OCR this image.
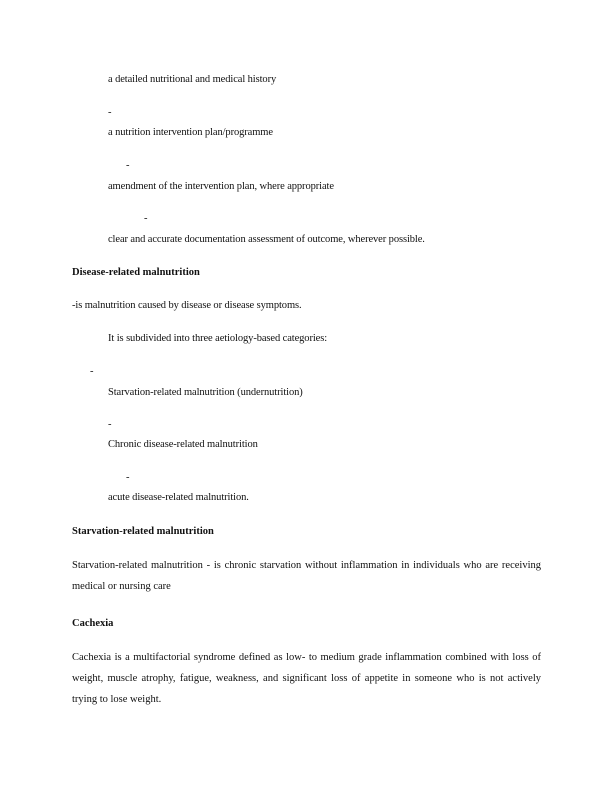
a detailed nutritional and medical history
-
a nutrition intervention plan/programme
-
amendment of the intervention plan, where appropriate
-
clear and accurate documentation assessment of outcome, wherever possible.
Disease-related malnutrition
-is malnutrition caused by disease or disease symptoms.
It is subdivided into three aetiology-based categories:
-
Starvation-related malnutrition (undernutrition)
-
Chronic disease-related malnutrition
-
acute disease-related malnutrition.
Starvation-related malnutrition
Starvation-related malnutrition - is chronic starvation without inflammation in individuals who are receiving medical or nursing care
Cachexia
Cachexia is a multifactorial syndrome defined as low- to medium grade inflammation combined with loss of weight, muscle atrophy, fatigue, weakness, and significant loss of appetite in someone who is not actively trying to lose weight.
